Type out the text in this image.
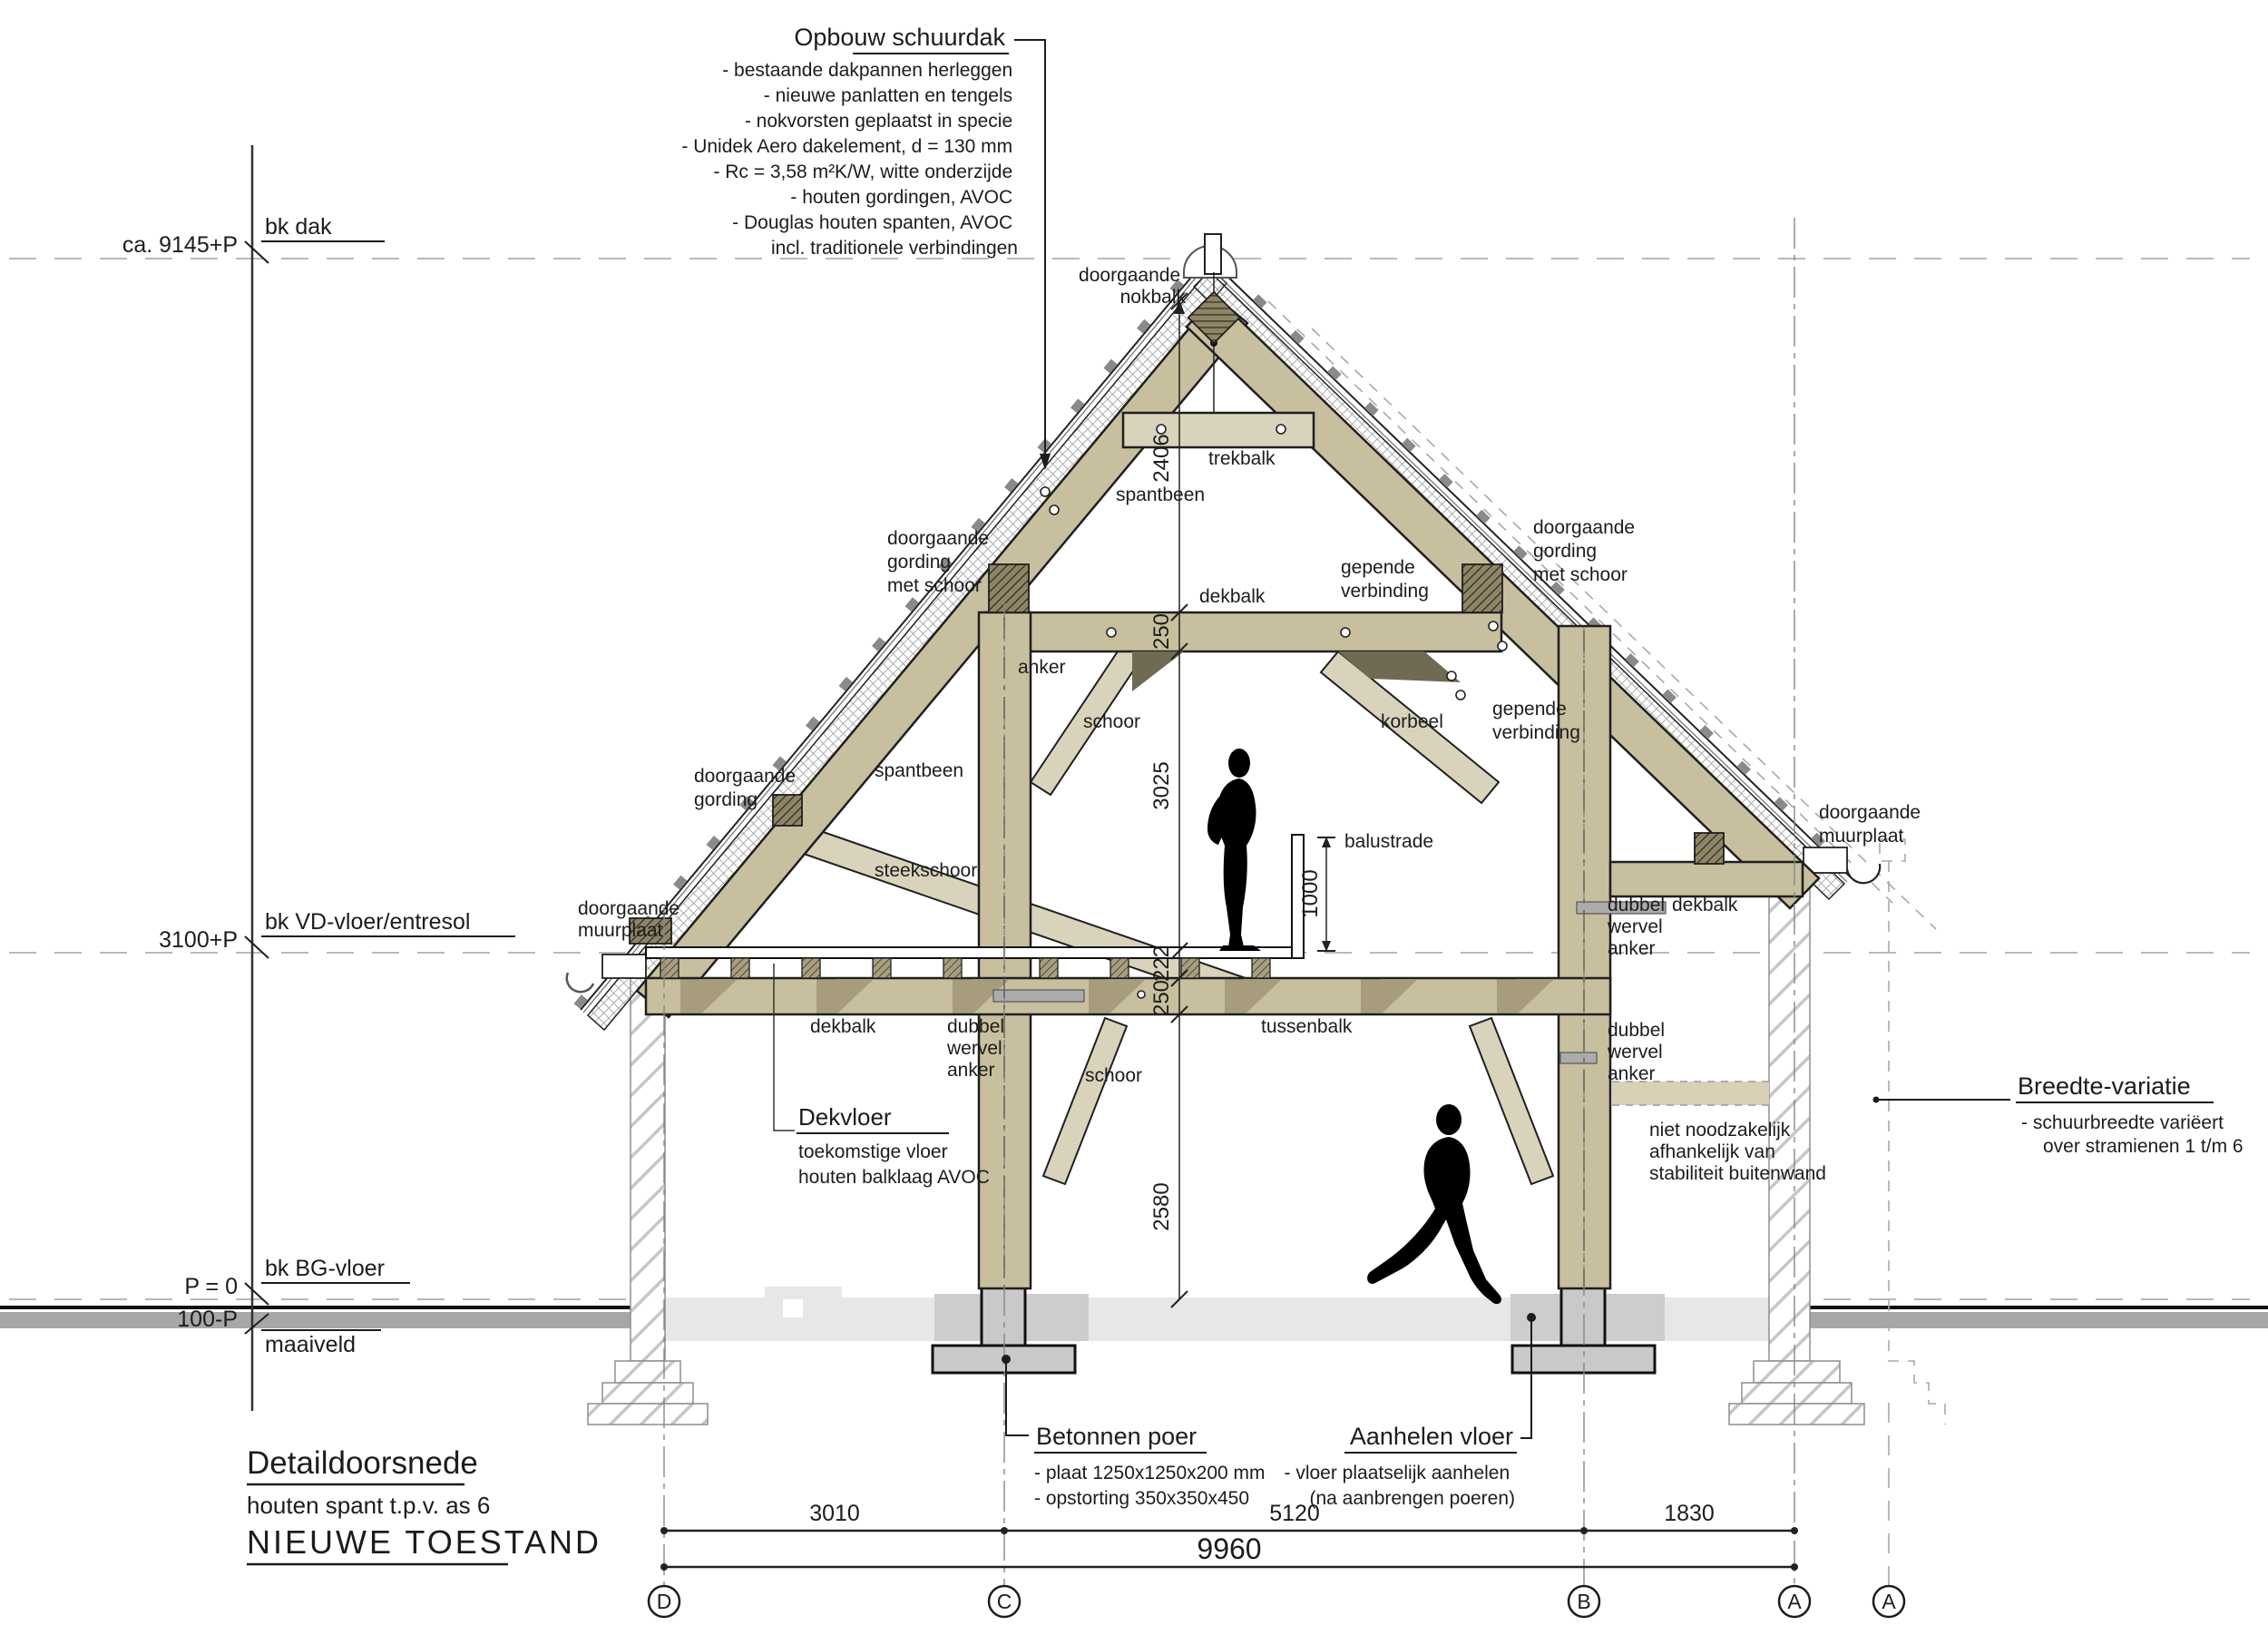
ca. 9145+P
bk dak
3100+P
bk VD-vloer/entresol
P = 0
bk BG-vloer
100-P
maaiveld
2406
250
3025
222
250
2580
1000
Opbouw schuurdak
- bestaande dakpannen herleggen - nieuwe panlatten en tengels - nokvorsten geplaatst in specie - Unidek Aero dakelement, d = 130 mm - Rc = 3,58 m²K/W, witte onderzijde - houten gordingen, AVOC - Douglas houten spanten, AVOC incl. traditionele verbindingen
doorgaande nokbalk
trekbalk
spantbeen
doorgaande gording met schoor
dekbalk
gepende verbinding
doorgaande gording met schoor
anker
schoor	korbeel
gepende verbinding
doorgaande gording
spantbeen
steekschoor
doorgaande muurplaat
doorgaande muurplaat
balustrade
dubbel wervel anker
dekbalk
dubbel wervel anker
dekbalk	dubbel wervel anker
tussenbalk
schoor
niet noodzakelijk afhankelijk van stabiliteit buitenwand
Dekvloer
toekomstige vloer houten balklaag AVOC
Breedte-variatie
- schuurbreedte variëert over stramienen 1 t/m 6
Betonnen poer
- plaat 1250x1250x200 mm - opstorting 350x350x450
Aanhelen vloer
- vloer plaatselijk aanhelen (na aanbrengen poeren)
3010	5120	1830
9960
D	C	B	A	A
Detaildoorsnede
houten spant t.p.v. as 6
NIEUWE TOESTAND
